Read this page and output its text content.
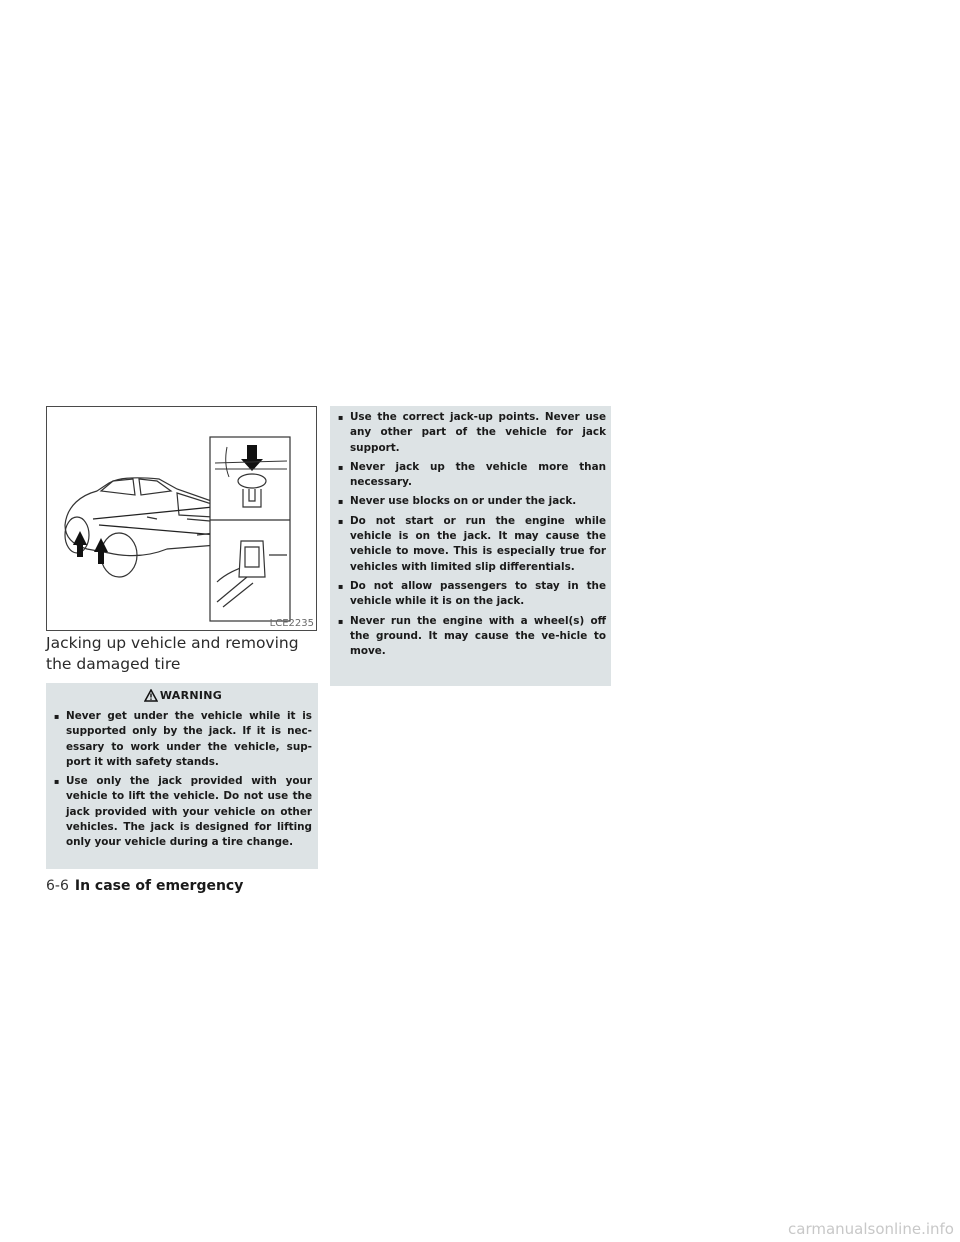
LCE2235
Jacking up vehicle and removing the damaged tire
WARNING
▪ Never get under the vehicle while it is supported only by the jack. If it is nec-essary to work under the vehicle, sup-port it with safety stands.
▪ Use only the jack provided with your vehicle to lift the vehicle. Do not use the jack provided with your vehicle on other vehicles. The jack is designed for lifting only your vehicle during a tire change.
▪ Use the correct jack-up points. Never use any other part of the vehicle for jack support.
▪ Never jack up the vehicle more than necessary.
▪ Never use blocks on or under the jack.
▪ Do not start or run the engine while vehicle is on the jack. It may cause the vehicle to move. This is especially true for vehicles with limited slip differentials.
▪ Do not allow passengers to stay in the vehicle while it is on the jack.
▪ Never run the engine with a wheel(s) off the ground. It may cause the ve-hicle to move.
6-6 In case of emergency
carmanualsonline.info
